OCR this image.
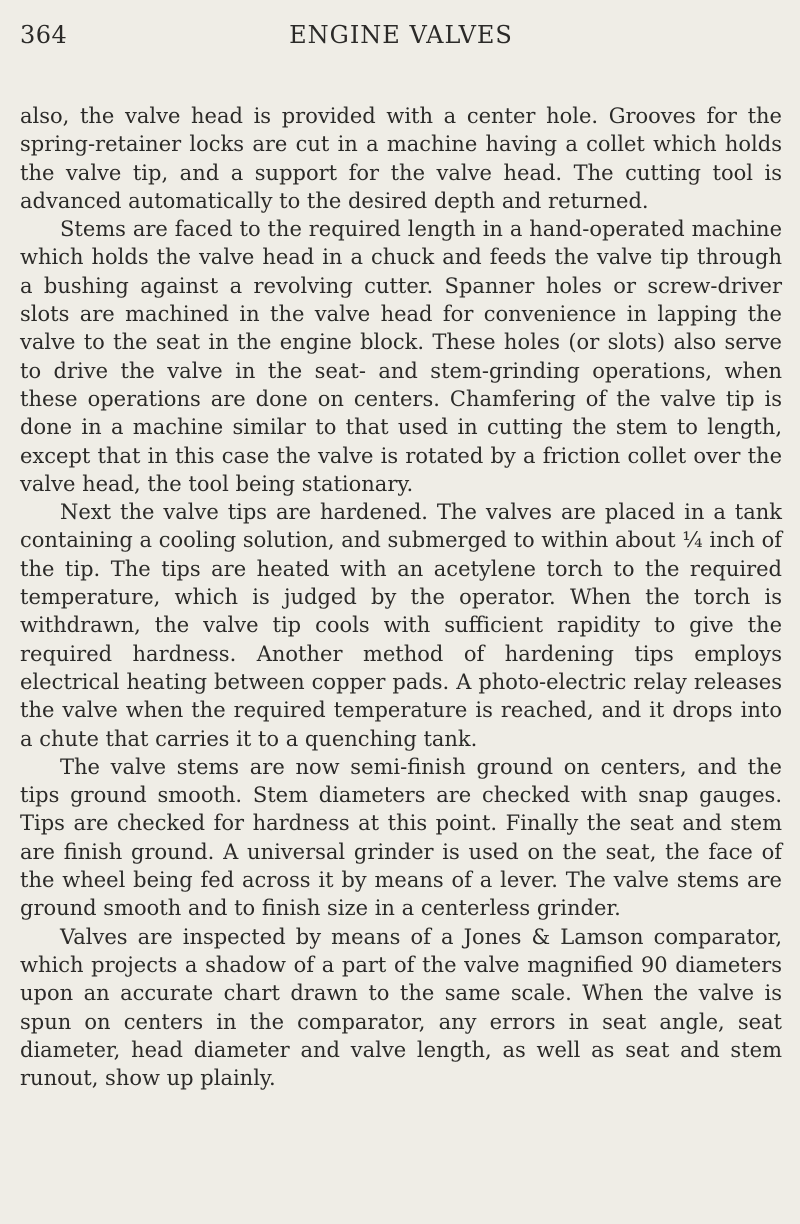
364	ENGINE VALVES

also, the valve head is provided with a center hole. Grooves for the spring-retainer locks are cut in a machine having a collet which holds the valve tip, and a support for the valve head. The cutting tool is advanced automatically to the desired depth and returned.

Stems are faced to the required length in a hand-operated machine which holds the valve head in a chuck and feeds the valve tip through a bushing against a revolving cutter. Spanner holes or screw-driver slots are machined in the valve head for convenience in lapping the valve to the seat in the engine block. These holes (or slots) also serve to drive the valve in the seat- and stem-grinding operations, when these operations are done on centers. Chamfering of the valve tip is done in a machine similar to that used in cutting the stem to length, except that in this case the valve is rotated by a friction collet over the valve head, the tool being stationary.

Next the valve tips are hardened. The valves are placed in a tank containing a cooling solution, and submerged to within about ¼ inch of the tip. The tips are heated with an acetylene torch to the required temperature, which is judged by the operator. When the torch is withdrawn, the valve tip cools with sufficient rapidity to give the required hardness. Another method of hardening tips employs electrical heating between copper pads. A photo-electric relay releases the valve when the required temperature is reached, and it drops into a chute that carries it to a quenching tank.

The valve stems are now semi-finish ground on centers, and the tips ground smooth. Stem diameters are checked with snap gauges. Tips are checked for hardness at this point. Finally the seat and stem are finish ground. A universal grinder is used on the seat, the face of the wheel being fed across it by means of a lever. The valve stems are ground smooth and to finish size in a centerless grinder.

Valves are inspected by means of a Jones & Lamson comparator, which projects a shadow of a part of the valve magnified 90 diameters upon an accurate chart drawn to the same scale. When the valve is spun on centers in the comparator, any errors in seat angle, seat diameter, head diameter and valve length, as well as seat and stem runout, show up plainly.
